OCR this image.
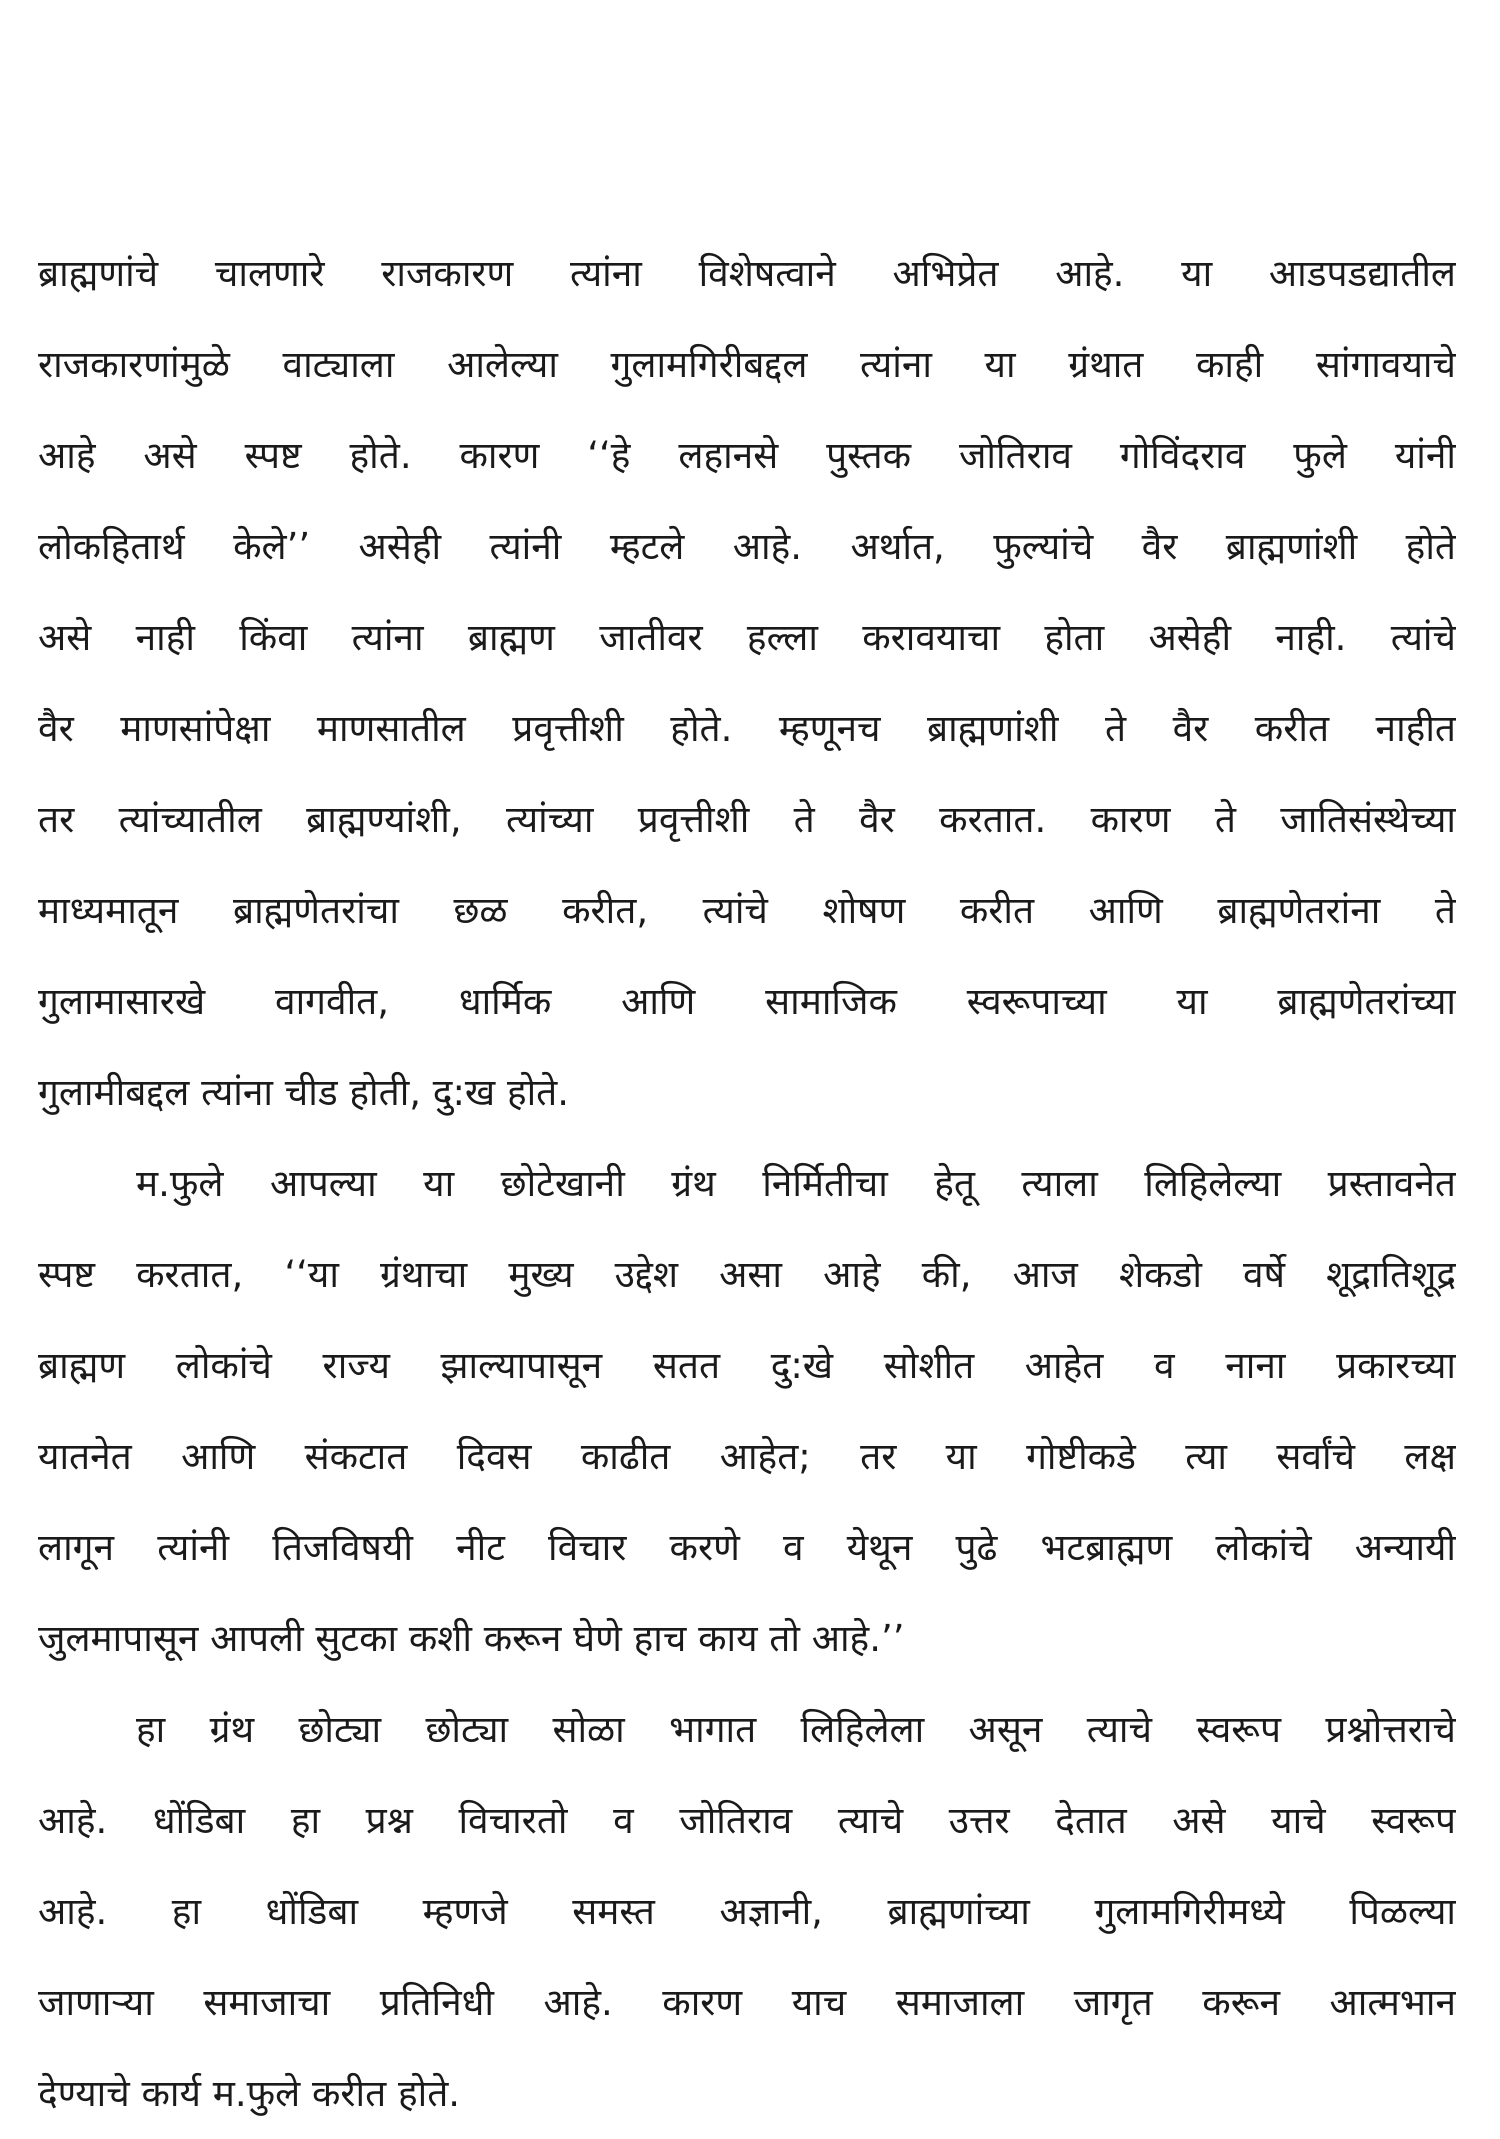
ब्राह्मणांचे चालणारे राजकारण त्यांना विशेषत्वाने अभिप्रेत आहे. या आडपडद्यातील
राजकारणांमुळे वाट्याला आलेल्या गुलामगिरीबद्दल त्यांना या ग्रंथात काही सांगावयाचे
आहे असे स्पष्ट होते. कारण ‘‘हे लहानसे पुस्तक जोतिराव गोविंदराव फुले यांनी
लोकहितार्थ केले’’ असेही त्यांनी म्हटले आहे. अर्थात, फुल्यांचे वैर ब्राह्मणांशी होते
असे नाही किंवा त्यांना ब्राह्मण जातीवर हल्ला करावयाचा होता असेही नाही. त्यांचे
वैर माणसांपेक्षा माणसातील प्रवृत्तीशी होते. म्हणूनच ब्राह्मणांशी ते वैर करीत नाहीत
तर त्यांच्यातील ब्राह्मण्यांशी, त्यांच्या प्रवृत्तीशी ते वैर करतात. कारण ते जातिसंस्थेच्या
माध्यमातून ब्राह्मणेतरांचा छळ करीत, त्यांचे शोषण करीत आणि ब्राह्मणेतरांना ते
गुलामासारखे वागवीत, धार्मिक आणि सामाजिक स्वरूपाच्या या ब्राह्मणेतरांच्या
गुलामीबद्दल त्यांना चीड होती, दु:ख होते.
म.फुले आपल्या या छोटेखानी ग्रंथ निर्मितीचा हेतू त्याला लिहिलेल्या प्रस्तावनेत
स्पष्ट करतात, ‘‘या ग्रंथाचा मुख्य उद्देश असा आहे की, आज शेकडो वर्षे शूद्रातिशूद्र
ब्राह्मण लोकांचे राज्य झाल्यापासून सतत दु:खे सोशीत आहेत व नाना प्रकारच्या
यातनेत आणि संकटात दिवस काढीत आहेत; तर या गोष्टीकडे त्या सर्वांचे लक्ष
लागून त्यांनी तिजविषयी नीट विचार करणे व येथून पुढे भटब्राह्मण लोकांचे अन्यायी
जुलमापासून आपली सुटका कशी करून घेणे हाच काय तो आहे.’’
हा ग्रंथ छोट्या छोट्या सोळा भागात लिहिलेला असून त्याचे स्वरूप प्रश्नोत्तराचे
आहे. धोंडिबा हा प्रश्न विचारतो व जोतिराव त्याचे उत्तर देतात असे याचे स्वरूप
आहे. हा धोंडिबा म्हणजे समस्त अज्ञानी, ब्राह्मणांच्या गुलामगिरीमध्ये पिळल्या
जाणाऱ्या समाजाचा प्रतिनिधी आहे. कारण याच समाजाला जागृत करून आत्मभान
देण्याचे कार्य म.फुले करीत होते.
